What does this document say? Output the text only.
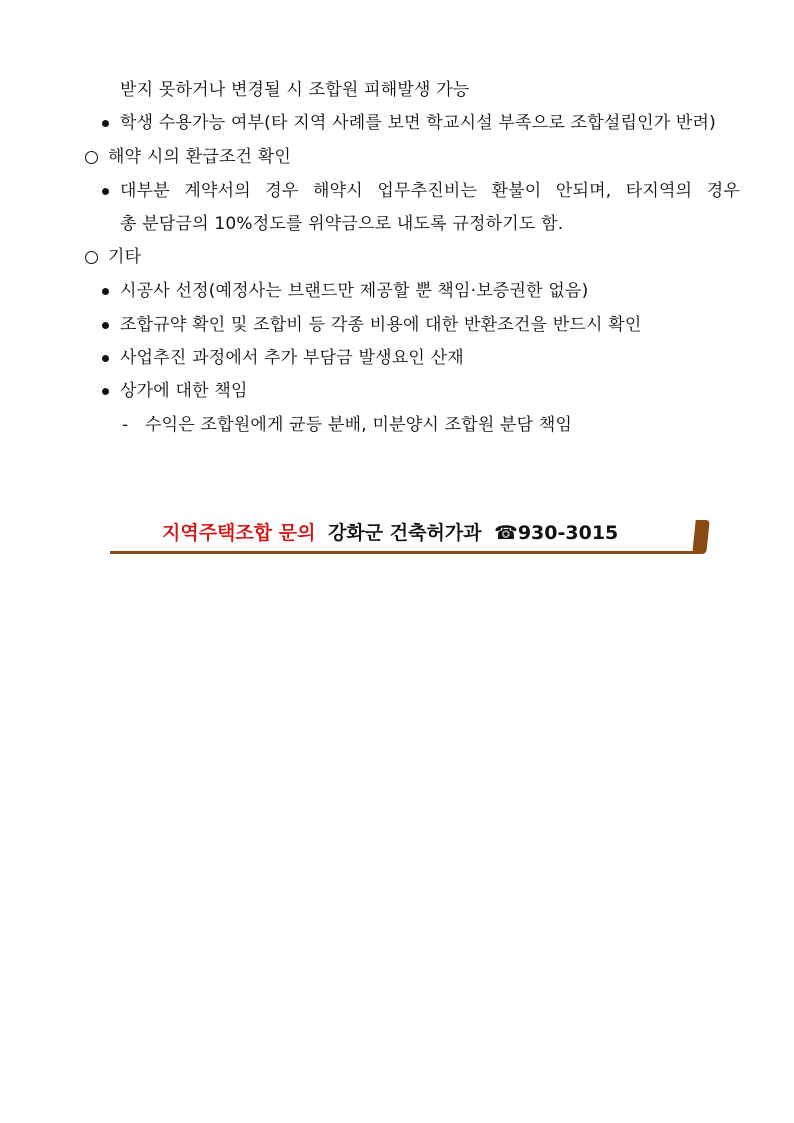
받지 못하거나 변경될 시 조합원 피해발생 가능
학생 수용가능 여부(타 지역 사례를 보면 학교시설 부족으로 조합설립인가 반려)
해약 시의 환급조건 확인
대부분 계약서의 경우 해약시 업무추진비는 환불이 안되며, 타지역의 경우
총 분담금의 10%정도를 위약금으로 내도록 규정하기도 함.
기타
시공사 선정(예정사는 브랜드만 제공할 뿐 책임·보증권한 없음)
조합규약 확인 및 조합비 등 각종 비용에 대한 반환조건을 반드시 확인
사업추진 과정에서 추가 부담금 발생요인 산재
상가에 대한 책임
- 수익은 조합원에게 균등 분배, 미분양시 조합원 분담 책임
지역주택조합 문의 강화군 건축허가과 ☎930-3015
